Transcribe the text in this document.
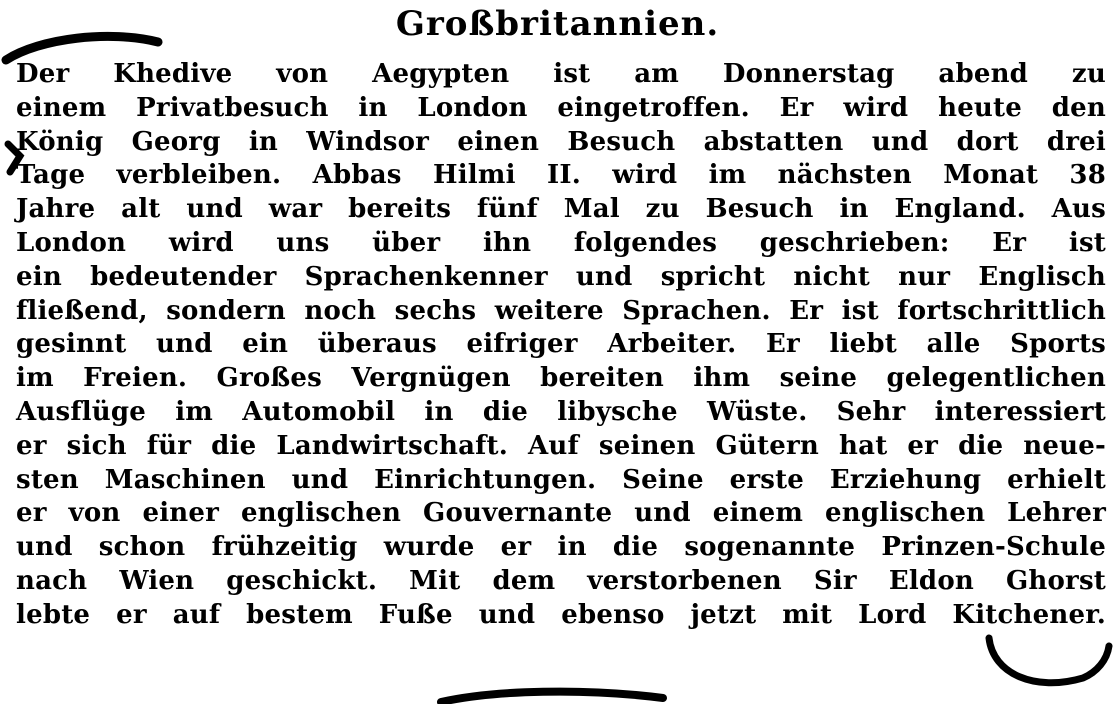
Großbritannien.
Der Khedive von Aegypten ist am Donnerstag abend zu
einem Privatbesuch in London eingetroffen. Er wird heute den
König Georg in Windsor einen Besuch abstatten und dort drei
Tage verbleiben. Abbas Hilmi II. wird im nächsten Monat 38
Jahre alt und war bereits fünf Mal zu Besuch in England. Aus
London wird uns über ihn folgendes geschrieben: Er ist
ein bedeutender Sprachenkenner und spricht nicht nur Englisch
fließend, sondern noch sechs weitere Sprachen. Er ist fortschrittlich
gesinnt und ein überaus eifriger Arbeiter. Er liebt alle Sports
im Freien. Großes Vergnügen bereiten ihm seine gelegentlichen
Ausflüge im Automobil in die libysche Wüste. Sehr interessiert
er sich für die Landwirtschaft. Auf seinen Gütern hat er die neue-
sten Maschinen und Einrichtungen. Seine erste Erziehung erhielt
er von einer englischen Gouvernante und einem englischen Lehrer
und schon frühzeitig wurde er in die sogenannte Prinzen-Schule
nach Wien geschickt. Mit dem verstorbenen Sir Eldon Ghorst
lebte er auf bestem Fuße und ebenso jetzt mit Lord Kitchener.
